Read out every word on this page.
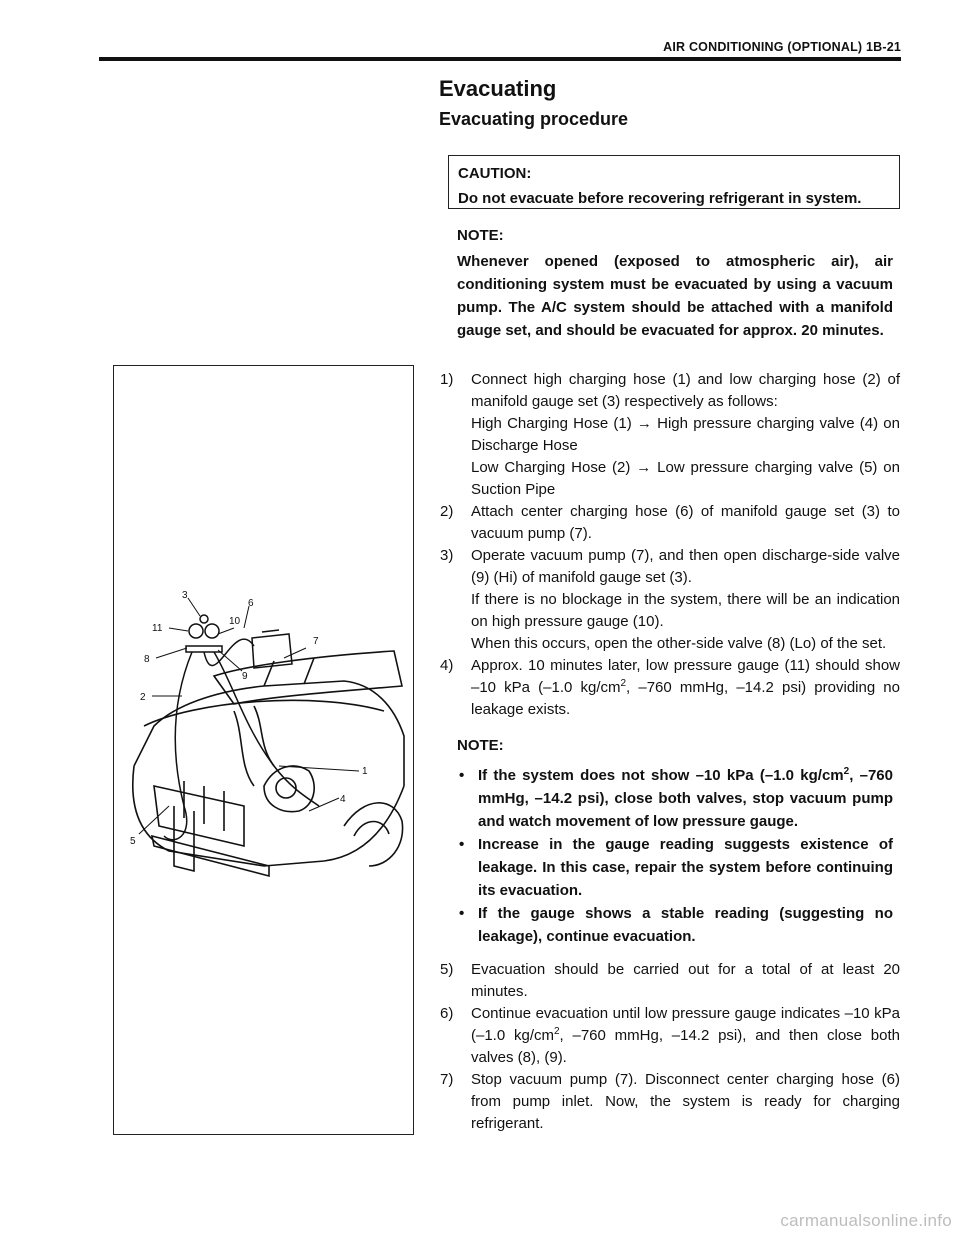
AIR CONDITIONING (OPTIONAL) 1B-21
Evacuating
Evacuating procedure
CAUTION:
Do not evacuate before recovering refrigerant in system.
NOTE:
Whenever opened (exposed to atmospheric air), air conditioning system must be evacuated by using a vacuum pump. The A/C system should be attached with a manifold gauge set, and should be evacuated for approx. 20 minutes.
3
6
10
11
7
8
9
2
1
4
5
1) Connect high charging hose (1) and low charging hose (2) of manifold gauge set (3) respectively as follows:
High Charging Hose (1) → High pressure charging valve (4) on Discharge Hose
Low Charging Hose (2) → Low pressure charging valve (5) on Suction Pipe
2) Attach center charging hose (6) of manifold gauge set (3) to vacuum pump (7).
3) Operate vacuum pump (7), and then open discharge-side valve (9) (Hi) of manifold gauge set (3).
If there is no blockage in the system, there will be an indication on high pressure gauge (10).
When this occurs, open the other-side valve (8) (Lo) of the set.
4) Approx. 10 minutes later, low pressure gauge (11) should show –10 kPa (–1.0 $kg/cm^2$, –760 mmHg, –14.2 psi) providing no leakage exists.
NOTE:
• If the system does not show –10 kPa (–1.0 $kg/cm^2$, –760 mmHg, –14.2 psi), close both valves, stop vacuum pump and watch movement of low pressure gauge.
• Increase in the gauge reading suggests existence of leakage. In this case, repair the system before continuing its evacuation.
• If the gauge shows a stable reading (suggesting no leakage), continue evacuation.
5) Evacuation should be carried out for a total of at least 20 minutes.
6) Continue evacuation until low pressure gauge indicates –10 kPa (–1.0 $kg/cm^2$, –760 mmHg, –14.2 psi), and then close both valves (8), (9).
7) Stop vacuum pump (7). Disconnect center charging hose (6) from pump inlet. Now, the system is ready for charging refrigerant.
carmanualsonline.info
